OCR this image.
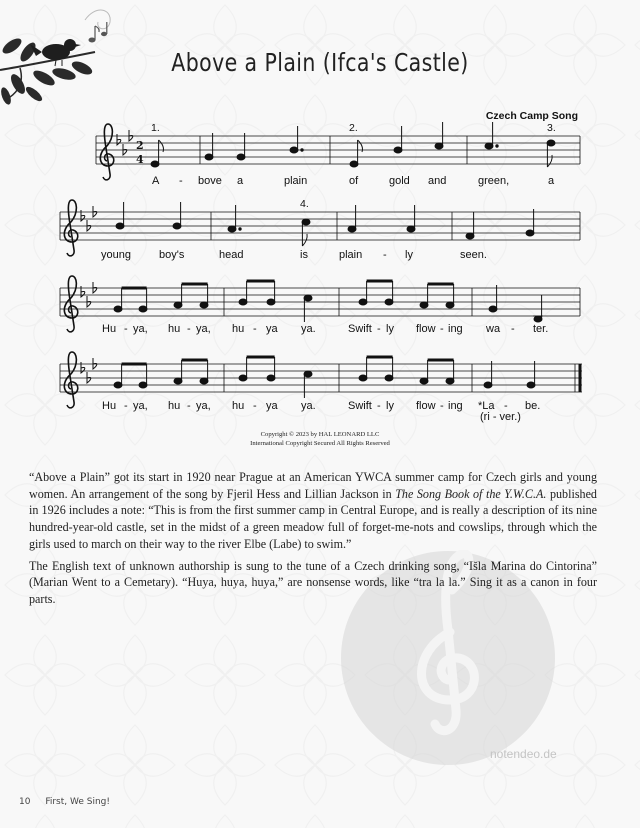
Above a Plain (Ifca's Castle)
Czech Camp Song
2
4
1.	2.	3.
A - bove a	plain	of	gold and	green,	a
4.
young	boy's	head	is	plain - ly	seen.
Hu - ya, hu - ya, hu - ya ya.	Swift - ly flow - ing wa - ter.
Hu - ya, hu - ya, hu - ya ya.	Swift - ly flow - ing *La - be.
(ri - ver.)
Copyright © 2023 by HAL LEONARD LLC
International Copyright Secured All Rights Reserved
notendeo.de

“Above a Plain” got its start in 1920 near Prague at an American YWCA summer camp for Czech girls and young women. An arrangement of the song by Fjeril Hess and Lillian Jackson in The Song Book of the Y.W.C.A. published in 1926 includes a note: “This is from the first summer camp in Central Europe, and is really a description of its nine hundred-year-old castle, set in the midst of a green meadow full of forget-me-nots and cowslips, through which the girls used to march on their way to the river Elbe (Labe) to swim.”

The English text of unknown authorship is sung to the tune of a Czech drinking song, “Išla Marina do Cintorina” (Marian Went to a Cemetary). “Huya, huya, huya,” are nonsense words, like “tra la la.” Sing it as a canon in four parts.

10 First, We Sing!
